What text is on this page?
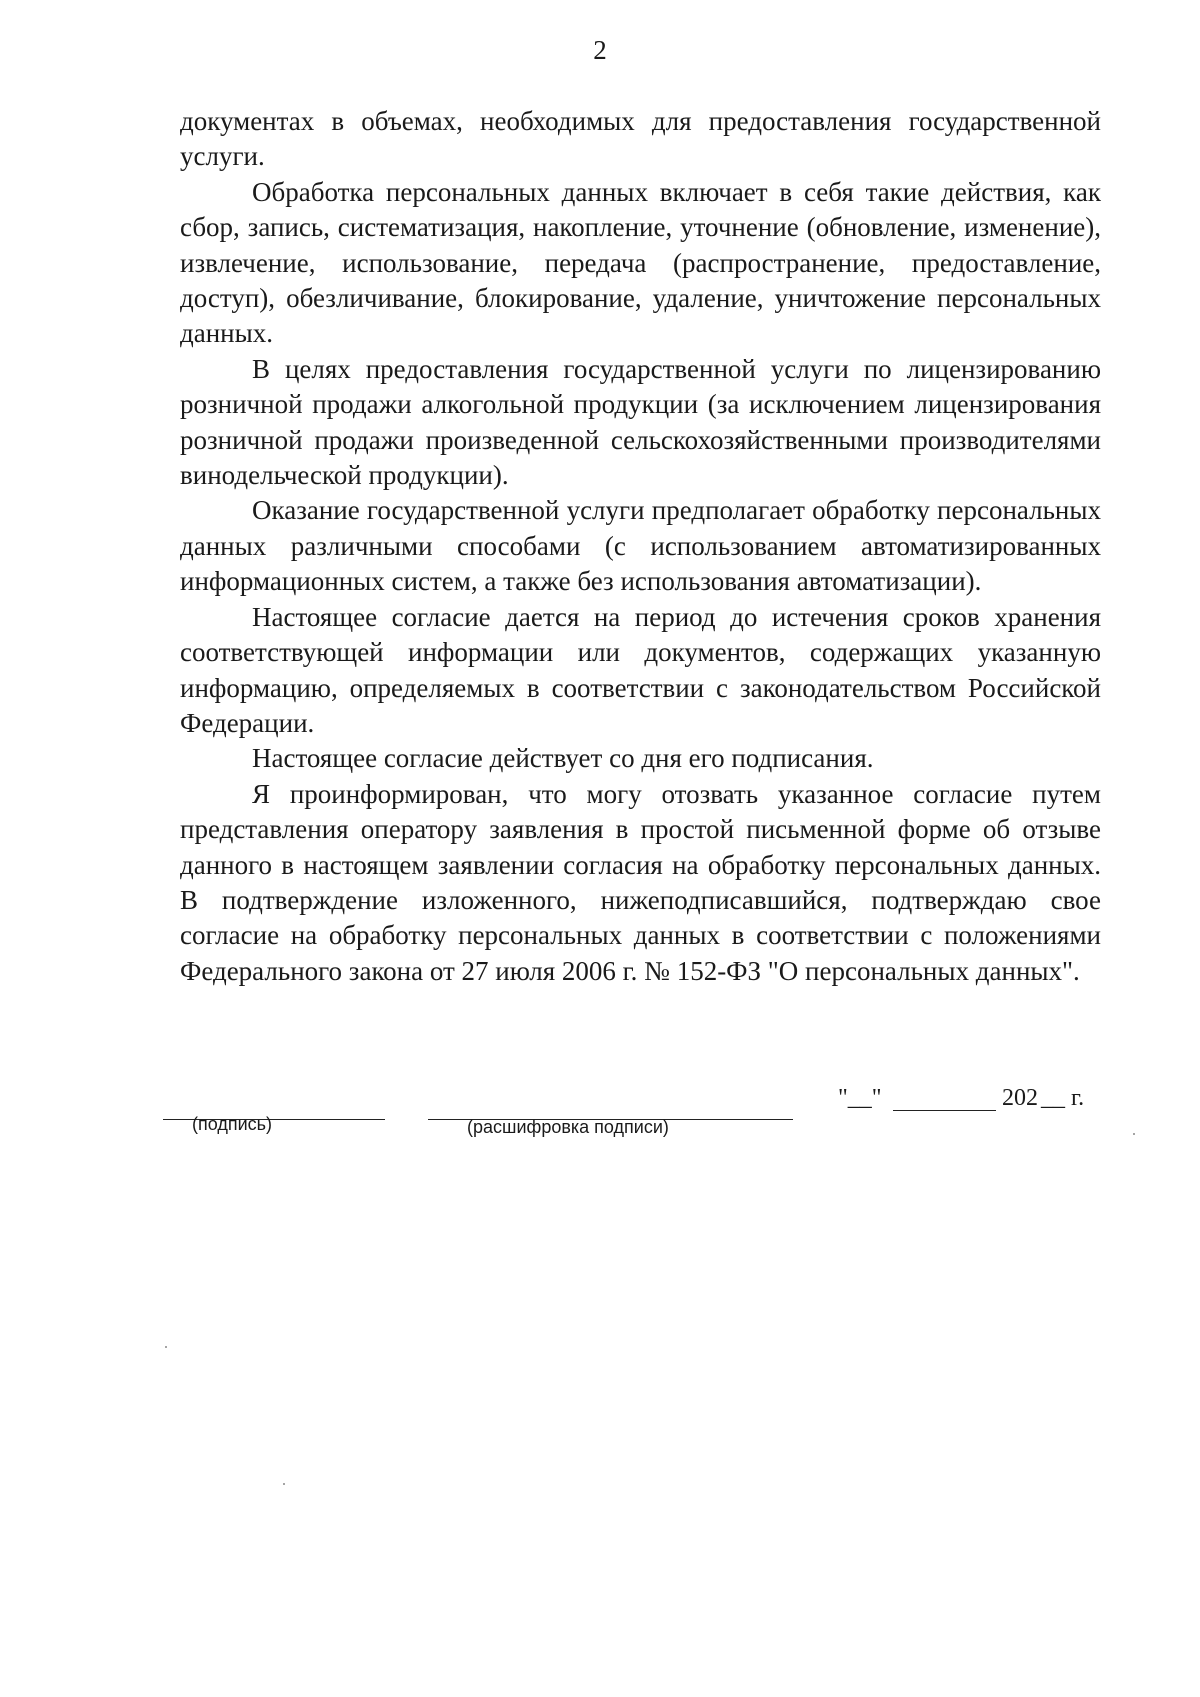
2

документах в объемах, необходимых для предоставления государственной услуги.

Обработка персональных данных включает в себя такие действия, как сбор, запись, систематизация, накопление, уточнение (обновление, изменение), извлечение, использование, передача (распространение, предоставление, доступ), обезличивание, блокирование, удаление, уничтожение персональных данных.

В целях предоставления государственной услуги по лицензированию розничной продажи алкогольной продукции (за исключением лицензирования розничной продажи произведенной сельскохозяйственными производителями винодельческой продукции).

Оказание государственной услуги предполагает обработку персональных данных различными способами (с использованием автоматизированных информационных систем, а также без использования автоматизации).

Настоящее согласие дается на период до истечения сроков хранения соответствующей информации или документов, содержащих указанную информацию, определяемых в соответствии с законодательством Российской Федерации.

Настоящее согласие действует со дня его подписания.

Я проинформирован, что могу отозвать указанное согласие путем представления оператору заявления в простой письменной форме об отзыве данного в настоящем заявлении согласия на обработку персональных данных. В подтверждение изложенного, нижеподписавшийся, подтверждаю свое согласие на обработку персональных данных в соответствии с положениями Федерального закона от 27 июля 2006 г. № 152-ФЗ "О персональных данных".

(подпись)	(расшифровка подписи)
"__"	202 __ г.
